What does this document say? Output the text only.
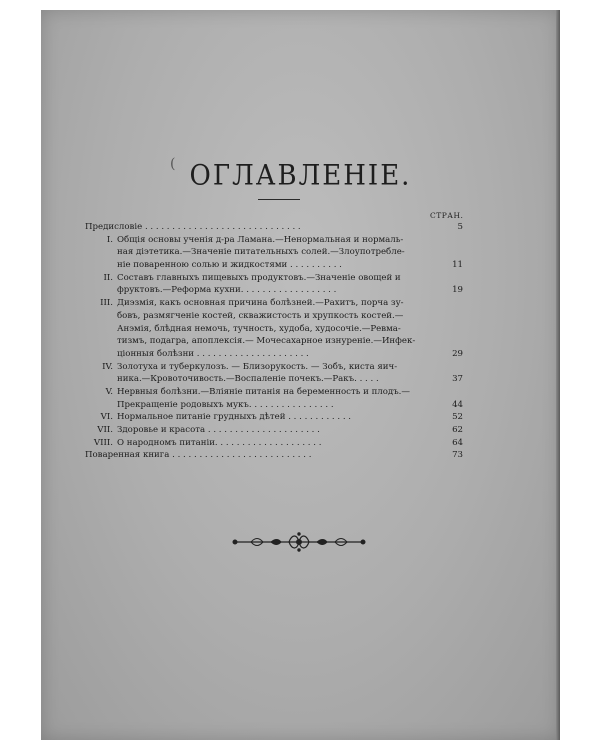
( ОГЛАВЛЕНІЕ.
СТРАН.
Предисловіе . . . . . . . . . . . . . . . . . . . . . . . . . . . . .	5
I. Общія основы ученія д-ра Ламана.—Ненормальная и нормаль-
ная діэтетика.—Значеніе питательныхъ солей.—Злоупотребле-
ніе поваренною солью и жидкостями . . . . . . . . . .	11
II. Составъ главныхъ пищевыхъ продуктовъ.—Значеніе овощей и
фруктовъ.—Реформа кухни. . . . . . . . . . . . . . . . . .	19
III. Диэзмія, какъ основная причина болѣзней.—Рахитъ, порча зу-
бовъ, размягченіе костей, скважистость и хрупкость костей.—
Анэмія, блѣдная немочь, тучность, худоба, худосочіе.—Ревма-
тизмъ, подагра, апоплексія.— Мочесахарное изнуреніе.—Инфек-
ціонныя болѣзни . . . . . . . . . . . . . . . . . . . . .	29
IV. Золотуха и туберкулозъ. — Близорукость. — Зобъ, киста яич-
ника.—Кровоточивость.—Воспаленіе почекъ.—Ракъ. . . . .	37
V. Нервныя болѣзни.—Вліяніе питанія на беременность и плодъ.—
Прекращеніе родовыхъ мукъ. . . . . . . . . . . . . . . .	44
VI. Нормальное питаніе грудныхъ дѣтей . . . . . . . . . . . .	52
VII. Здоровье и красота . . . . . . . . . . . . . . . . . . . . .	62
VIII. О народномъ питаніи. . . . . . . . . . . . . . . . . . . .	64
Поваренная книга . . . . . . . . . . . . . . . . . . . . . . . . . .	73
